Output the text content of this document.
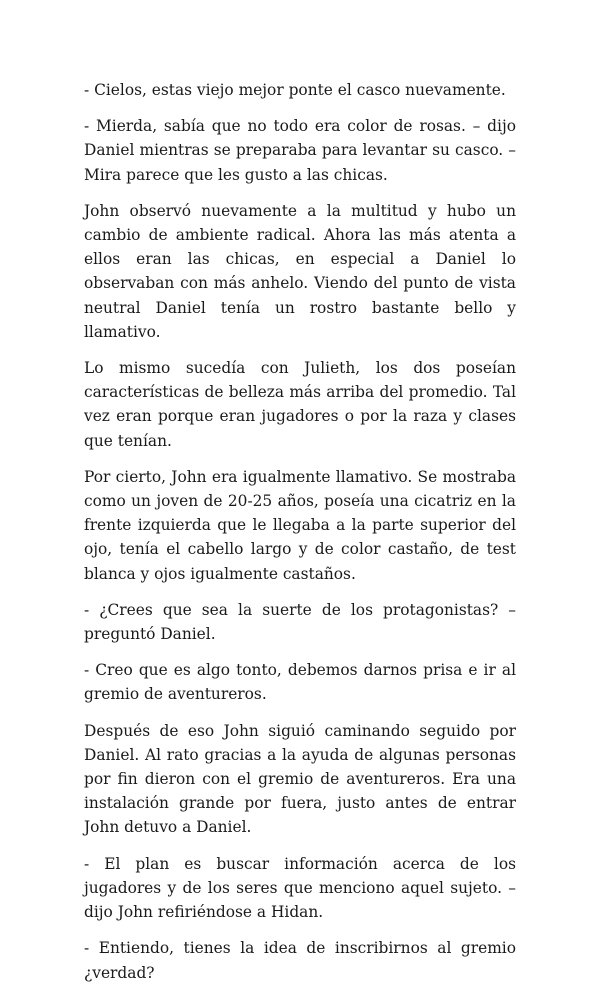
- Cielos, estas viejo mejor ponte el casco nuevamente.

- Mierda, sabía que no todo era color de rosas. – dijo Daniel mientras se preparaba para levantar su casco. – Mira parece que les gusto a las chicas.

John observó nuevamente a la multitud y hubo un cambio de ambiente radical. Ahora las más atenta a ellos eran las chicas, en especial a Daniel lo observaban con más anhelo. Viendo del punto de vista neutral Daniel tenía un rostro bastante bello y llamativo.

Lo mismo sucedía con Julieth, los dos poseían características de belleza más arriba del promedio. Tal vez eran porque eran jugadores o por la raza y clases que tenían.

Por cierto, John era igualmente llamativo. Se mostraba como un joven de 20-25 años, poseía una cicatriz en la frente izquierda que le llegaba a la parte superior del ojo, tenía el cabello largo y de color castaño, de test blanca y ojos igualmente castaños.

- ¿Crees que sea la suerte de los protagonistas? – preguntó Daniel.

- Creo que es algo tonto, debemos darnos prisa e ir al gremio de aventureros.

Después de eso John siguió caminando seguido por Daniel. Al rato gracias a la ayuda de algunas personas por fin dieron con el gremio de aventureros. Era una instalación grande por fuera, justo antes de entrar John detuvo a Daniel.

- El plan es buscar información acerca de los jugadores y de los seres que menciono aquel sujeto. – dijo John refiriéndose a Hidan.

- Entiendo, tienes la idea de inscribirnos al gremio ¿verdad?
